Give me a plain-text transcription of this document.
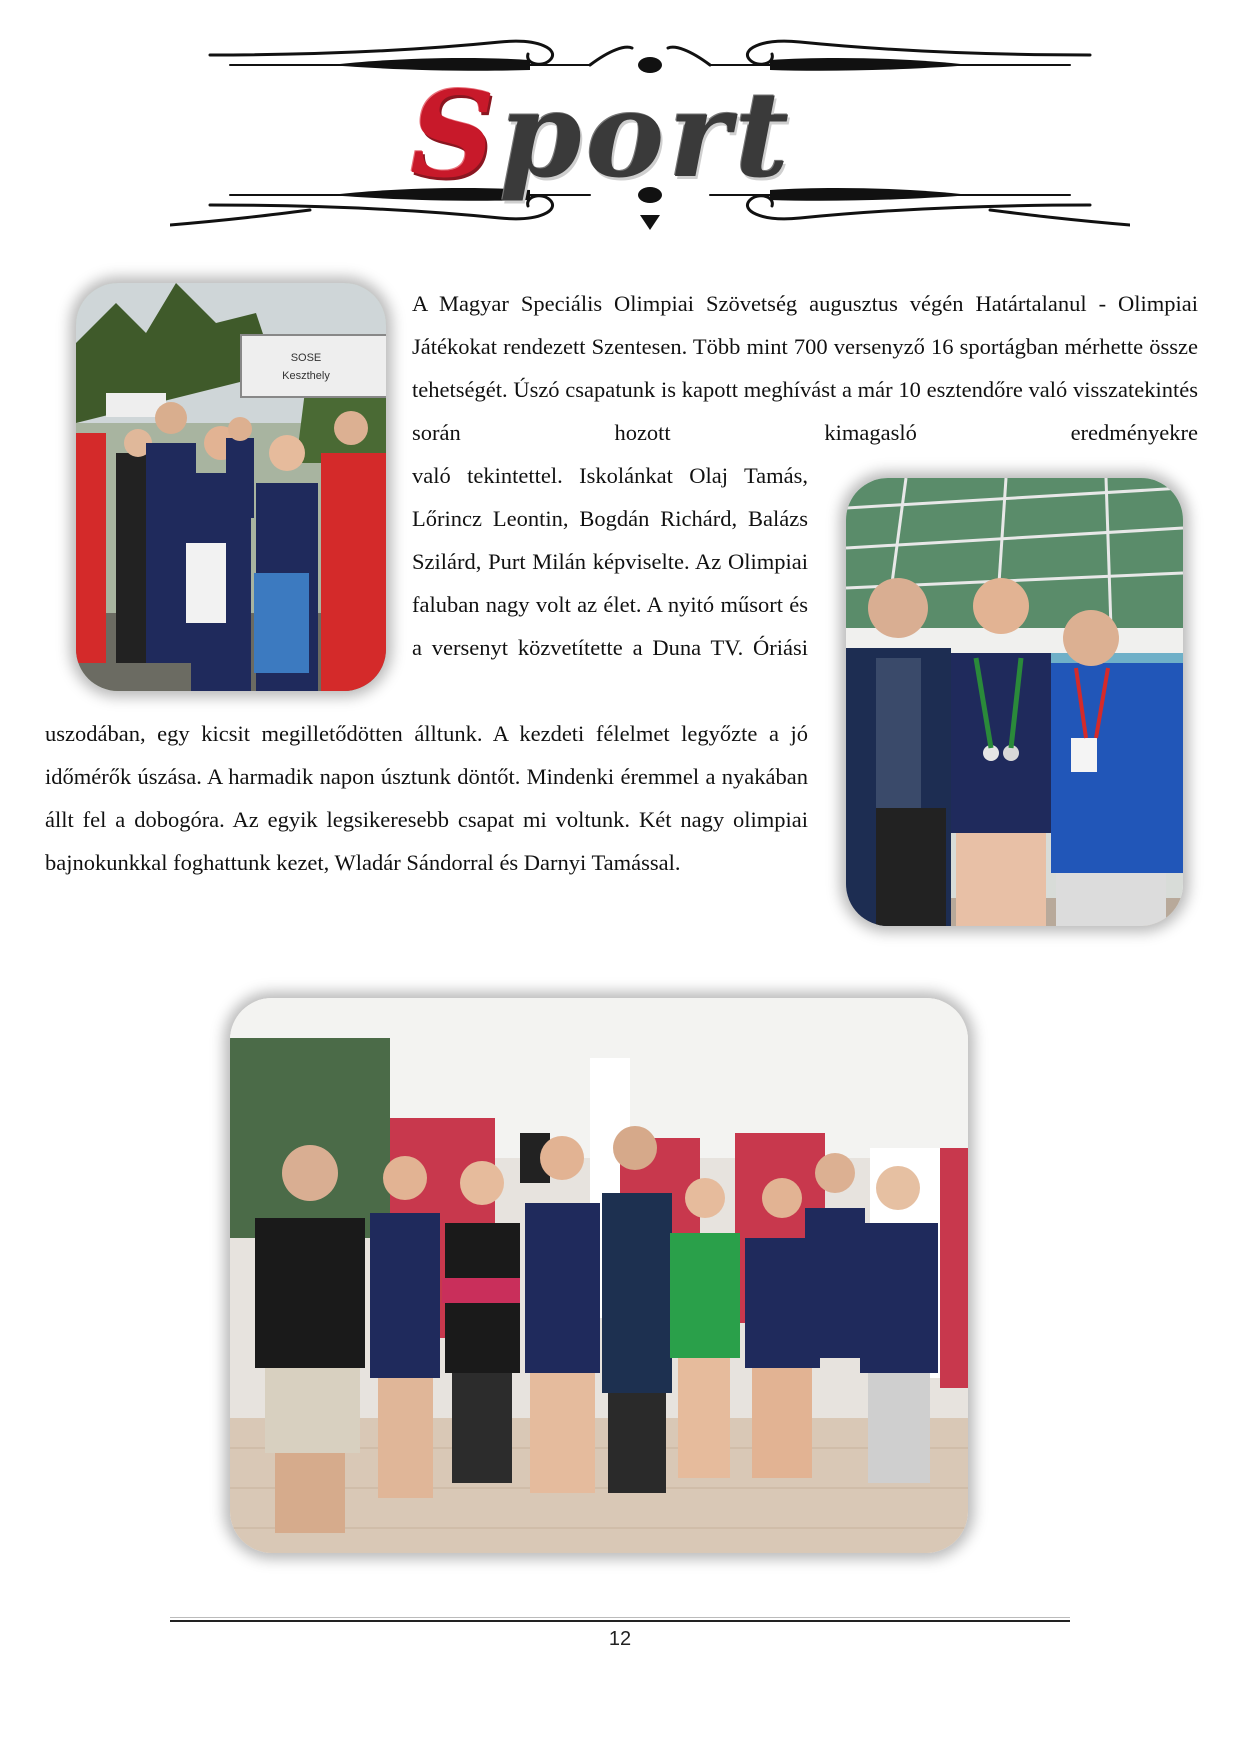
Sport
SOSE
Keszthely
A Magyar Speciális Olimpiai Szövetség augusztus végén Határtalanul - Olimpiai Játékokat rendezett Szentesen. Több mint 700 versenyző 16 sportágban mérhette össze tehetségét. Úszó csapatunk is kapott meghívást a már 10 esztendőre való visszatekintés során hozott kimagasló eredményekre
való tekintettel. Iskolánkat Olaj Tamás, Lőrincz Leontin, Bogdán Richárd, Balázs Szilárd, Purt Milán képviselte. Az Olimpiai faluban nagy volt az élet. A nyitó műsort és a versenyt közvetítette a Duna TV. Óriási
uszodában, egy kicsit megilletődötten álltunk. A kezdeti félelmet legyőzte a jó időmérők úszása. A harmadik napon úsztunk döntőt. Mindenki éremmel a nyakában állt fel a dobogóra. Az egyik legsikeresebb csapat mi voltunk. Két nagy olimpiai bajnokunkkal foghattunk kezet, Wladár Sándorral és Darnyi Tamással.
12
